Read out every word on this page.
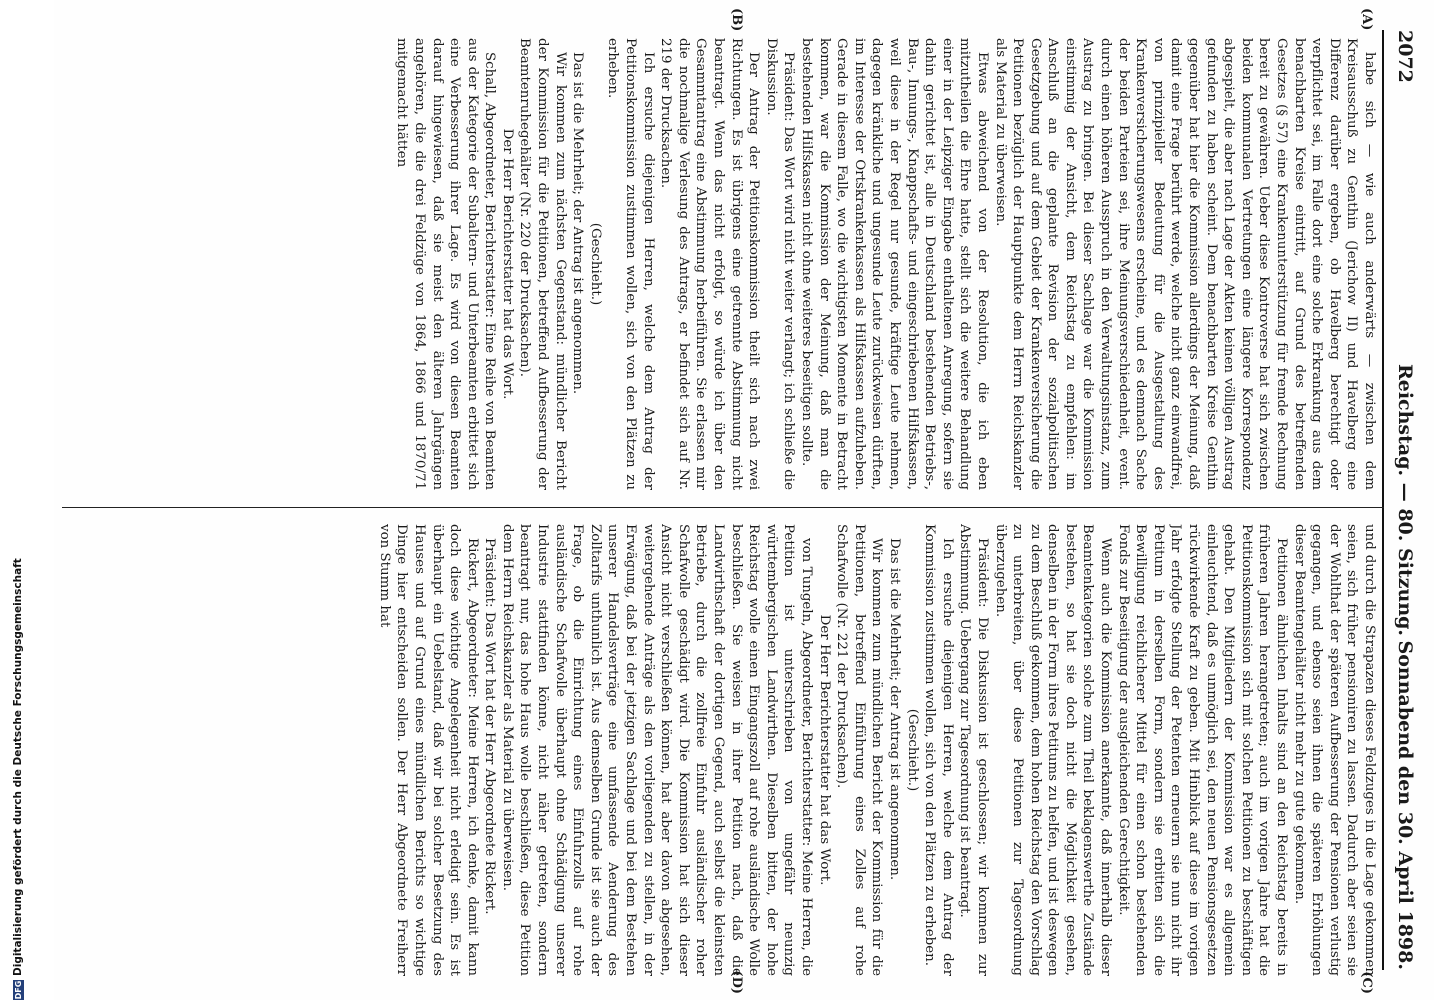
2072
Reichstag. — 80. Sitzung.
Sonnabend den 30. April 1898.
(A)
(B)
(C)
(D)

habe sich — wie auch anderwärts — zwischen dem Kreisausschuß zu Genthin (Jerichow II) und Havelberg eine Differenz darüber ergeben, ob Havelberg berechtigt oder verpflichtet sei, im Falle dort eine solche Erkrankung aus dem benachbarten Kreise eintritt, auf Grund des betreffenden Gesetzes (§ 57) eine Krankenunterstützung für fremde Rechnung bereit zu gewähren. Ueber diese Kontroverse hat sich zwischen beiden kommunalen Vertretungen eine längere Korrespondenz abgespielt, die aber nach Lage der Akten keinen völligen Austrag gefunden zu haben scheint. Dem benachbarten Kreise Genthin gegenüber hat hier die Kommission allerdings der Meinung, daß damit eine Frage berührt werde, welche nicht ganz einwandfrei, von prinzipieller Bedeutung für die Ausgestaltung des Krankenversicherungswesens erscheine, und es demnach Sache der beiden Parteien sei, ihre Meinungsverschiedenheit, event. durch einen höheren Ausspruch in den Verwaltungsinstanz, zum Austrag zu bringen. Bei dieser Sachlage war die Kommission einstimmig der Ansicht, dem Reichstag zu empfehlen: im Anschluß an die geplante Revision der sozialpolitischen Gesetzgebung und auf dem Gebiet der Krankenversicherung die Petitionen bezüglich der Hauptpunkte dem Herrn Reichskanzler als Material zu überweisen.

Etwas abweichend von der Resolution, die ich eben mitzutheilen die Ehre hatte, stellt sich die weitere Behandlung einer in der Leipziger Eingabe enthaltenen Anregung, sofern sie dahin gerichtet ist, alle in Deutschland bestehenden Betriebs-, Bau-, Innungs-, Knappschafts- und eingeschriebenen Hilfskassen, weil diese in der Regel nur gesunde, kräftige Leute nehmen, dagegen kränkliche und ungesunde Leute zurückweisen dürften, im Interesse der Ortskrankenkassen als Hilfskassen aufzuheben. Gerade in diesem Falle, wo die wichtigsten Momente in Betracht kommen, war die Kommission der Meinung, daß man die bestehenden Hilfskassen nicht ohne weiteres beseitigen sollte.

Präsident: Das Wort wird nicht weiter verlangt; ich schließe die Diskussion.

Der Antrag der Petitionskommission theilt sich nach zwei Richtungen. Es ist übrigens eine getrennte Abstimmung nicht beantragt. Wenn das nicht erfolgt, so würde ich über den Gesammtantrag eine Abstimmung herbeiführen. Sie erlassen mir die nochmalige Verlesung des Antrags, er befindet sich auf Nr. 219 der Drucksachen.

Ich ersuche diejenigen Herren, welche dem Antrag der Petitionskommission zustimmen wollen, sich von den Plätzen zu erheben.

(Geschieht.)

Das ist die Mehrheit; der Antrag ist angenommen.

Wir kommen zum nächsten Gegenstand: mündlicher Bericht der Kommission für die Petitionen, betreffend Aufbesserung der Beamtenruhegehälter (Nr. 220 der Drucksachen).

Der Herr Berichterstatter hat das Wort.

Schall, Abgeordneter, Berichterstatter: Eine Reihe von Beamten aus der Kategorie der Subaltern- und Unterbeamten erbittet sich eine Verbesserung ihrer Lage. Es wird von diesen Beamten darauf hingewiesen, daß sie meist den älteren Jahrgängen angehören, die die drei Feldzüge von 1864, 1866 und 1870/71 mitgemacht hätten

und durch die Strapazen dieses Feldzuges in die Lage gekommen seien, sich früher pensioniren zu lassen. Dadurch aber seien sie der Wohlthat der späteren Aufbesserung der Pensionen verlustig gegangen, und ebenso seien ihnen die späteren Erhöhungen dieser Beamtengehälter nicht mehr zu gute gekommen.

Petitionen ähnlichen Inhalts sind an den Reichstag bereits in früheren Jahren herangetreten; auch im vorigen Jahre hat die Petitionskommission sich mit solchen Petitionen zu beschäftigen gehabt. Den Mitgliedern der Kommission war es allgemein einleuchtend, daß es unmöglich sei, den neuen Pensionsgesetzen rückwirkende Kraft zu geben. Mit Hinblick auf diese im vorigen Jahr erfolgte Stellung der Petenten erneuern sie nun nicht ihr Petitum in derselben Form, sondern sie erbitten sich die Bewilligung reichlicherer Mittel für einen schon bestehenden Fonds zur Beseitigung der ausgleichenden Gerechtigkeit.

Wenn auch die Kommission anerkannte, daß innerhalb dieser Beamtenkategorien solche zum Theil beklagenswerthe Zustände bestehen, so hat sie doch nicht die Möglichkeit gesehen, denselben in der Form ihres Petitums zu helfen, und ist deswegen zu dem Beschluß gekommen, dem hohen Reichstag den Vorschlag zu unterbreiten, über diese Petitionen zur Tagesordnung überzugehen.

Präsident: Die Diskussion ist geschlossen; wir kommen zur Abstimmung. Uebergang zur Tagesordnung ist beantragt.

Ich ersuche diejenigen Herren, welche dem Antrag der Kommission zustimmen wollen, sich von den Plätzen zu erheben.

(Geschieht.)

Das ist die Mehrheit; der Antrag ist angenommen.

Wir kommen zum mündlichen Bericht der Kommission für die Petitionen, betreffend Einführung eines Zolles auf rohe Schafwolle (Nr. 221 der Drucksachen).

Der Herr Berichterstatter hat das Wort.

von Tungeln, Abgeordneter, Berichterstatter: Meine Herren, die Petition ist unterschrieben von ungefähr neunzig württembergischen Landwirthen. Dieselben bitten, der hohe Reichstag wolle einen Eingangszoll auf rohe ausländische Wolle beschließen. Sie weisen in ihrer Petition nach, daß die Landwirthschaft der dortigen Gegend, auch selbst die kleinsten Betriebe, durch die zollfreie Einfuhr ausländischer roher Schafwolle geschädigt wird. Die Kommission hat sich dieser Ansicht nicht verschließen können, hat aber davon abgesehen, weitergehende Anträge als den vorliegenden zu stellen, in der Erwägung, daß bei der jetzigen Sachlage und bei dem Bestehen unserer Handelsverträge eine umfassende Aenderung des Zolltarifs unthunlich ist. Aus demselben Grunde ist sie auch der Frage, ob die Einrichtung eines Einfuhrzolls auf rohe ausländische Schafwolle überhaupt ohne Schädigung unserer Industrie stattfinden könne, nicht näher getreten, sondern beantragt nur, das hohe Haus wolle beschließen, diese Petition dem Herrn Reichskanzler als Material zu überweisen.

Präsident: Das Wort hat der Herr Abgeordnete Rickert.

Rickert, Abgeordneter: Meine Herren, ich denke, damit kann doch diese wichtige Angelegenheit nicht erledigt sein. Es ist überhaupt ein Uebelstand, daß wir bei solcher Besetzung des Hauses und auf Grund eines mündlichen Berichts so wichtige Dinge hier entscheiden sollen. Der Herr Abgeordnete Freiherr von Stumm hat

DFGDigitalisierung gefördert durch die Deutsche Forschungsgemeinschaft
